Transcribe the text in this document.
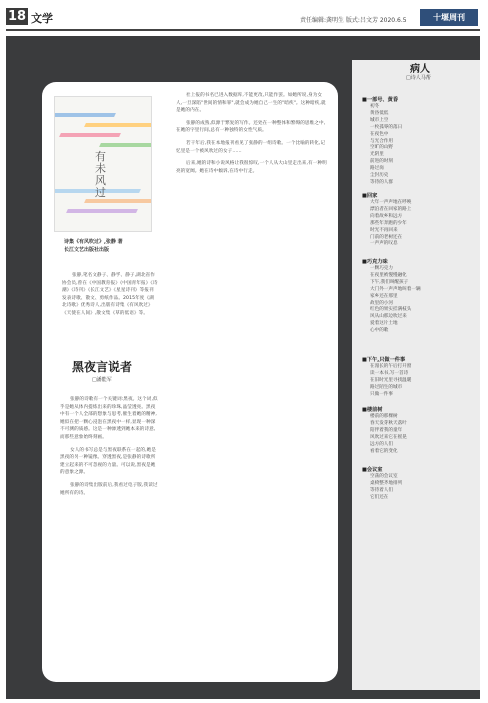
18 文学	责任编辑:龚明生 版式:吕文芳 2020.6.5	十堰周刊
有未风过
诗集《有风吹过》,张静 著
长江文艺出版社出版

张静,笔名文静子、静孚、静子,湖北省作协会员,曾在《中国教育报》《中国青年报》《诗潮》《诗刊》《长江文艺》《星星诗刊》等报刊发表诗歌、散文、剪纸作品。2015年度《湖北诗歌》优秀诗人,出版有诗集《有风吹过》《天使在人间》,散文集《草的低语》等。

黑夜言说者
□潘能军

张静的诗歌有一个关键词:黑夜。这个词,似乎是她从体内提炼出来的珍珠,晶莹透亮。黑夜中有一个人全部的想象与思考,催生着她的精神,她似在把一颗心浸泡在黑夜中一样,显现一种深不可测的质感。这是一种渗透到她本来的诗意,而那些意象始终刻画。

女人的书写总是与黑夜联系在一起的,她是黑夜的另一种镜像。穿透黑夜,是张静的诗歌所建立起来的不可忽视的力量。可以说,黑夜是她的意象之源。

张静的诗集出版前后,我看过电子版,我读过她所有的诗。

社上报的书名已进入数据库,不能更改,只能作罢。如她所说,身为女人,一旦深陷"世间的情和罪",就会成为她自己一生的"暗疾"。这种暗疾,就是她的内在。

张静的成熟,似源于繁复的写作。还处在一种整体和繁缛的思维之中,在她的字里行间,总有一种独特的女性气质。

若干年后,我在本地报刊看见了张静的一组诗歌。一个比喻的转化,记忆里是一个被风吹过的女子……

后来,她的诗和小说风格让我很惊叹,一个人从大山里走出来,有一种明亮的宽阔。她在诗中倾诉,在诗中行走。

病人
□诗人马帮
■一部号、黄昏
初冬
黄昏低低
城市上空
一枚孤零的落日
在夜色中
与光合作用
空旷的山野
光阴里
前进的时刻
路过岗
尘封历史
等待的人群
■回家
大年一声声地在呼唤
漂泊者在回家的路上
向着故乡和远方
那些年奔跑的少年
时光不再回来
门前的老树还在
一声声的叹息
■巧克力味
一颗巧克力
在夜里被慢慢融化
下午,我们叫醒孩子
大门外一声声地叫着一辆
家乡还在那里
故里的小河
红色的果实挂满枝头
风从山那边吹过来
爱着这片土地
心中的歌
■下午,只做一件事
在漫长的午后打开窗
读一本书,写一首诗
在旧时光里寻找温暖
路过陌生的城市
只做一件事
■楼前树
楼前的那棵树
春天发芽秋天落叶
陪伴着我的童年
风吹过来它在摇晃
远方的人们
看着它的变化
■会议室
空荡的会议室
桌椅整齐地排列
等待着人们
它们还在
